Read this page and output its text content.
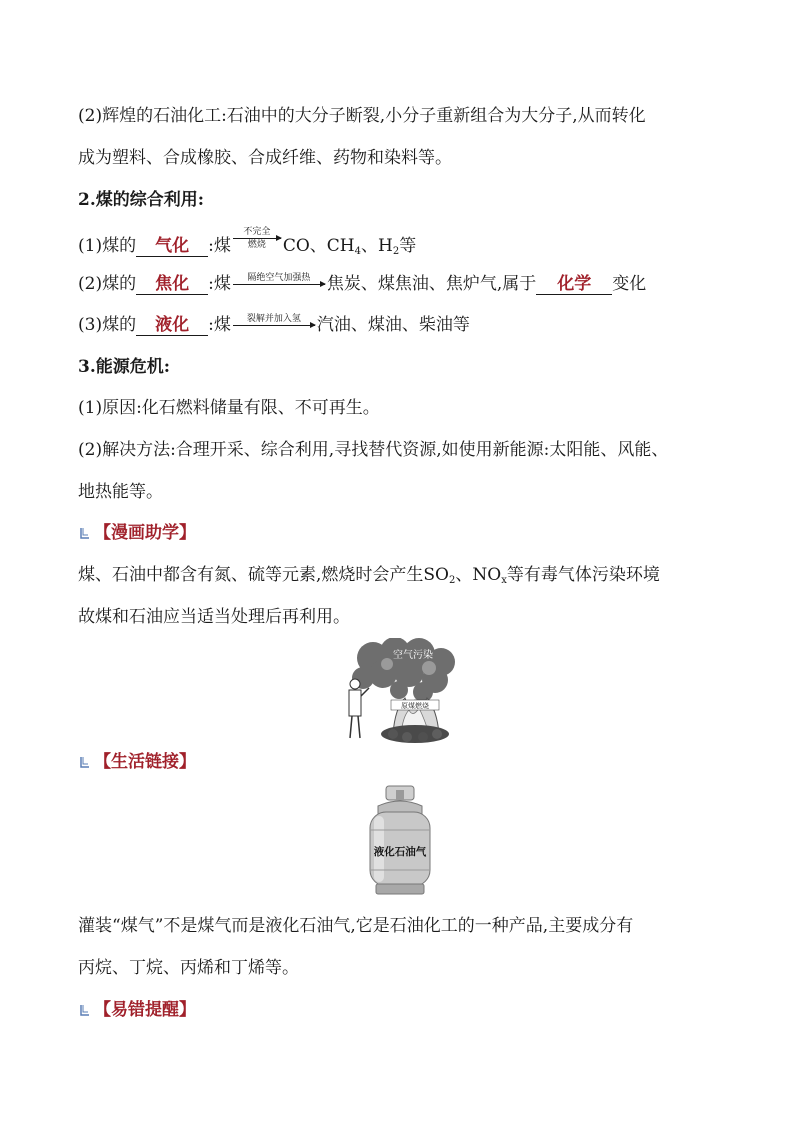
(2)辉煌的石油化工:石油中的大分子断裂,小分子重新组合为大分子,从而转化
成为塑料、合成橡胶、合成纤维、药物和染料等。
2.煤的综合利用:
(1)煤的 气化 :煤
不完全
燃烧	CO、$CH_4$、$H_2$等
(2)煤的 焦化 :煤	隔绝空气加强热 焦炭、煤焦油、焦炉气,属于 化学 变化
(3)煤的 液化 :煤	裂解并加入氢 汽油、煤油、柴油等
3.能源危机:
(1)原因:化石燃料储量有限、不可再生。
(2)解决方法:合理开采、综合利用,寻找替代资源,如使用新能源:太阳能、风能、
地热能等。
【漫画助学】
煤、石油中都含有氮、硫等元素,燃烧时会产生$SO_2$、$NO_x$等有毒气体污染环境
故煤和石油应当适当处理后再利用。
空气污染
原煤燃烧
【生活链接】
液化石油气
灌装“煤气”不是煤气而是液化石油气,它是石油化工的一种产品,主要成分有
丙烷、丁烷、丙烯和丁烯等。
【易错提醒】
